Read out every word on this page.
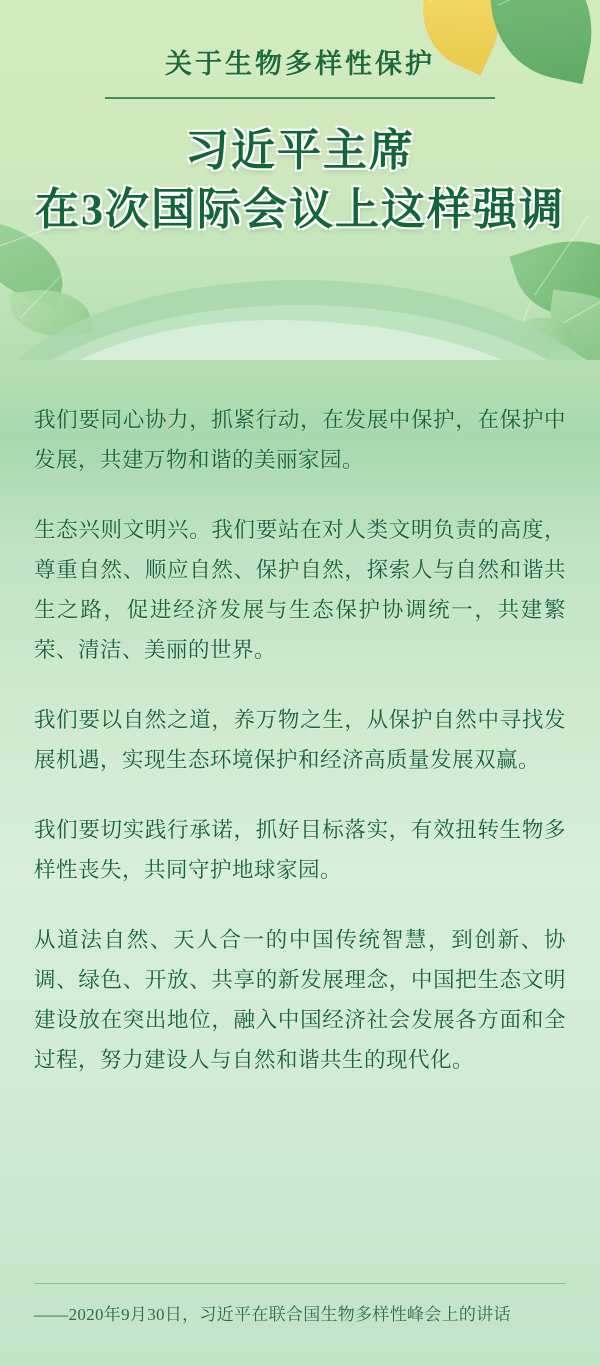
关于生物多样性保护
习近平主席
在3次国际会议上这样强调

我们要同心协力，抓紧行动，在发展中保护，在保护中发展，共建万物和谐的美丽家园。

生态兴则文明兴。我们要站在对人类文明负责的高度，尊重自然、顺应自然、保护自然，探索人与自然和谐共生之路，促进经济发展与生态保护协调统一，共建繁荣、清洁、美丽的世界。

我们要以自然之道，养万物之生，从保护自然中寻找发展机遇，实现生态环境保护和经济高质量发展双赢。

我们要切实践行承诺，抓好目标落实，有效扭转生物多样性丧失，共同守护地球家园。

从道法自然、天人合一的中国传统智慧，到创新、协调、绿色、开放、共享的新发展理念，中国把生态文明建设放在突出地位，融入中国经济社会发展各方面和全过程，努力建设人与自然和谐共生的现代化。

——2020年9月30日，习近平在联合国生物多样性峰会上的讲话
